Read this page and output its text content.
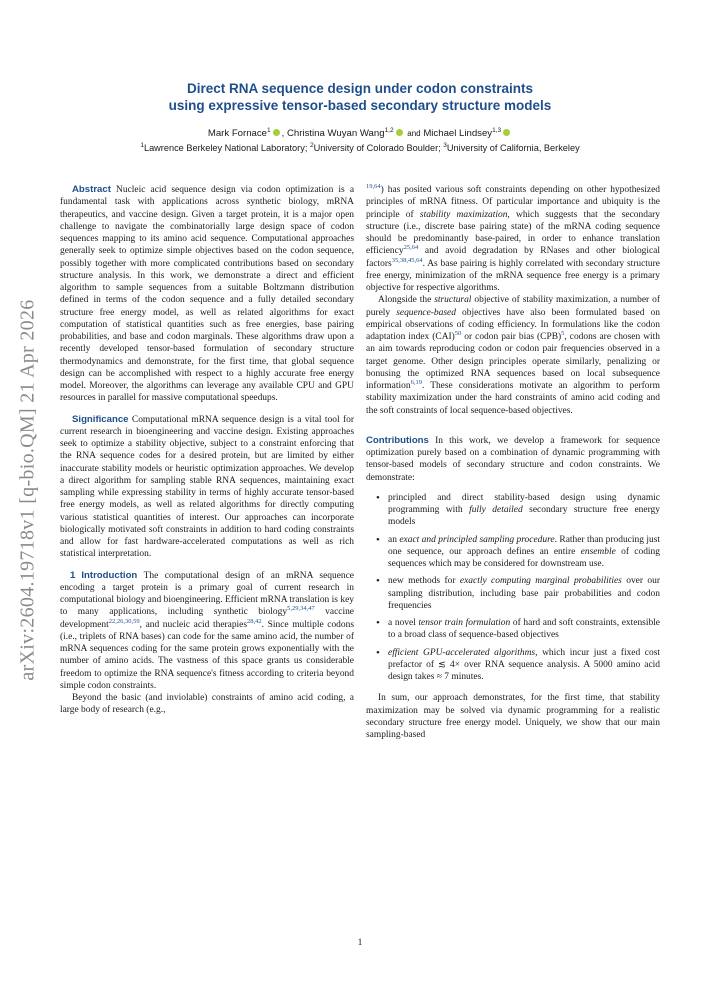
arXiv:2604.19718v1 [q-bio.QM] 21 Apr 2026
Direct RNA sequence design under codon constraints
using expressive tensor-based secondary structure models
Mark Fornace$^1$ , Christina Wuyan Wang$^{1,2}$ and Michael Lindsey$^{1,3}$
$^1$Lawrence Berkeley National Laboratory; $^2$University of Colorado Boulder; $^3$University of California, Berkeley

Abstract Nucleic acid sequence design via codon optimization is a fundamental task with applications across synthetic biology, mRNA therapeutics, and vaccine design. Given a target protein, it is a major open challenge to navigate the combinatorially large design space of codon sequences mapping to its amino acid sequence. Computational approaches generally seek to optimize simple objectives based on the codon sequence, possibly together with more complicated contributions based on secondary structure analysis. In this work, we demonstrate a direct and efficient algorithm to sample sequences from a suitable Boltzmann distribution defined in terms of the codon sequence and a fully detailed secondary structure free energy model, as well as related algorithms for exact computation of statistical quantities such as free energies, base pairing probabilities, and base and codon marginals. These algorithms draw upon a recently developed tensor-based formulation of secondary structure thermodynamics and demonstrate, for the first time, that global sequence design can be accomplished with respect to a highly accurate free energy model. Moreover, the algorithms can leverage any available CPU and GPU resources in parallel for massive computational speedups.

Significance Computational mRNA sequence design is a vital tool for current research in bioengineering and vaccine design. Existing approaches seek to optimize a stability objective, subject to a constraint enforcing that the RNA sequence codes for a desired protein, but are limited by either inaccurate stability models or heuristic optimization approaches. We develop a direct algorithm for sampling stable RNA sequences, maintaining exact sampling while expressing stability in terms of highly accurate tensor-based free energy models, as well as related algorithms for directly computing various statistical quantities of interest. Our approaches can incorporate biologically motivated soft constraints in addition to hard coding constraints and allow for fast hardware-accelerated computations as well as rich statistical interpretation.

1 Introduction The computational design of an mRNA sequence encoding a target protein is a primary goal of current research in computational biology and bioengineering. Efficient mRNA translation is key to many applications, including synthetic biology$^{5,29,34,47}$ vaccine development$^{22,26,30,59}$, and nucleic acid therapies$^{28,42}$. Since multiple codons (i.e., triplets of RNA bases) can code for the same amino acid, the number of mRNA sequences coding for the same protein grows exponentially with the number of amino acids. The vastness of this space grants us considerable freedom to optimize the RNA sequence's fitness according to criteria beyond simple codon constraints.

Beyond the basic (and inviolable) constraints of amino acid coding, a large body of research (e.g.,

$^{19,64}$) has posited various soft constraints depending on other hypothesized principles of mRNA fitness. Of particular importance and ubiquity is the principle of stability maximization, which suggests that the secondary structure (i.e., discrete base pairing state) of the mRNA coding sequence should be predominantly base-paired, in order to enhance translation efficiency$^{25,64}$ and avoid degradation by RNases and other biological factors$^{35,38,45,64}$. As base pairing is highly correlated with secondary structure free energy, minimization of the mRNA sequence free energy is a primary objective for respective algorithms.

Alongside the structural objective of stability maximization, a number of purely sequence-based objectives have also been formulated based on empirical observations of coding efficiency. In formulations like the codon adaptation index (CAI)$^{50}$ or codon pair bias (CPB)$^5$, codons are chosen with an aim towards reproducing codon or codon pair frequencies observed in a target genome. Other design principles operate similarly, penalizing or bonusing the optimized RNA sequences based on local subsequence information$^{6,19}$. These considerations motivate an algorithm to perform stability maximization under the hard constraints of amino acid coding and the soft constraints of local sequence-based objectives.

Contributions In this work, we develop a framework for sequence optimization purely based on a combination of dynamic programming with tensor-based models of secondary structure and codon constraints. We demonstrate:

• principled and direct stability-based design using dynamic programming with fully detailed secondary structure free energy models
• an exact and principled sampling procedure. Rather than producing just one sequence, our approach defines an entire ensemble of coding sequences which may be considered for downstream use.
• new methods for exactly computing marginal probabilities over our sampling distribution, including base pair probabilities and codon frequencies
• a novel tensor train formulation of hard and soft constraints, extensible to a broad class of sequence-based objectives
• efficient GPU-accelerated algorithms, which incur just a fixed cost prefactor of ≲ 4× over RNA sequence analysis. A 5000 amino acid design takes ≈ 7 minutes.

In sum, our approach demonstrates, for the first time, that stability maximization may be solved via dynamic programming for a realistic secondary structure free energy model. Uniquely, we show that our main sampling-based

1
